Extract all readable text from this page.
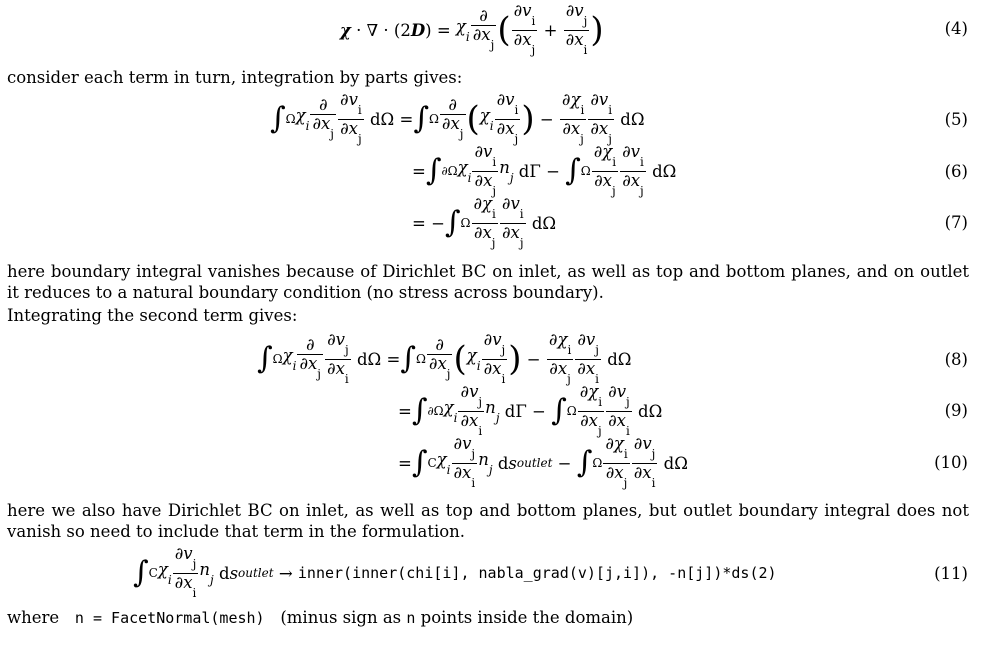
χ
·
∇
·
(2 D )
=
$\chi_i \frac{\partial}{\partial x_j}$ ( $\frac{\partial v_i}{\partial x_j} + \frac{\partial v_j}{\partial x_i}$ )	(4)
consider each term in turn, integration by parts gives:
∫ Ω $\chi_i \frac{\partial}{\partial x_j} \frac{\partial v_i}{\partial x_j}$ dΩ = ∫ Ω $\frac{\partial}{\partial x_j}$ ( $\chi_i \frac{\partial v_i}{\partial x_j}$ ) − $\frac{\partial\chi_i}{\partial x_j} \frac{\partial v_i}{\partial x_j}$ dΩ	(5)
= ∫ ∂Ω $\chi_i \frac{\partial v_i}{\partial x_j} n_j$ dΓ − ∫ Ω $\frac{\partial\chi_i}{\partial x_j} \frac{\partial v_i}{\partial x_j}$ dΩ	(6)
= − ∫ Ω $\frac{\partial\chi_i}{\partial x_j} \frac{\partial v_i}{\partial x_j}$ dΩ	(7)
here boundary integral vanishes because of Dirichlet BC on inlet, as well as top and bottom planes, and on outlet it reduces to a natural boundary condition (no stress across boundary).
Integrating the second term gives:
∫ Ω $\chi_i \frac{\partial}{\partial x_j} \frac{\partial v_j}{\partial x_i}$ dΩ = ∫ Ω $\frac{\partial}{\partial x_j}$ ( $\chi_i \frac{\partial v_j}{\partial x_i}$ ) − $\frac{\partial\chi_i}{\partial x_j} \frac{\partial v_j}{\partial x_i}$ dΩ	(8)
= ∫ ∂Ω $\chi_i \frac{\partial v_j}{\partial x_i} n_j$ dΓ − ∫ Ω $\frac{\partial\chi_i}{\partial x_j} \frac{\partial v_j}{\partial x_i}$ dΩ	(9)
= ∫ C $\chi_i \frac{\partial v_j}{\partial x_i} n_j$ d s outlet − ∫ Ω $\frac{\partial\chi_i}{\partial x_j} \frac{\partial v_j}{\partial x_i}$ dΩ	(10)
here we also have Dirichlet BC on inlet, as well as top and bottom planes, but outlet boundary integral does not vanish so need to include that term in the formulation.
∫ C $\chi_i \frac{\partial v_j}{\partial x_i} n_j$ d s outlet → inner(inner(chi[i], nabla_grad(v)[j,i]), -n[j])*ds(2)	(11)
where n = FacetNormal(mesh) (minus sign as n points inside the domain)
